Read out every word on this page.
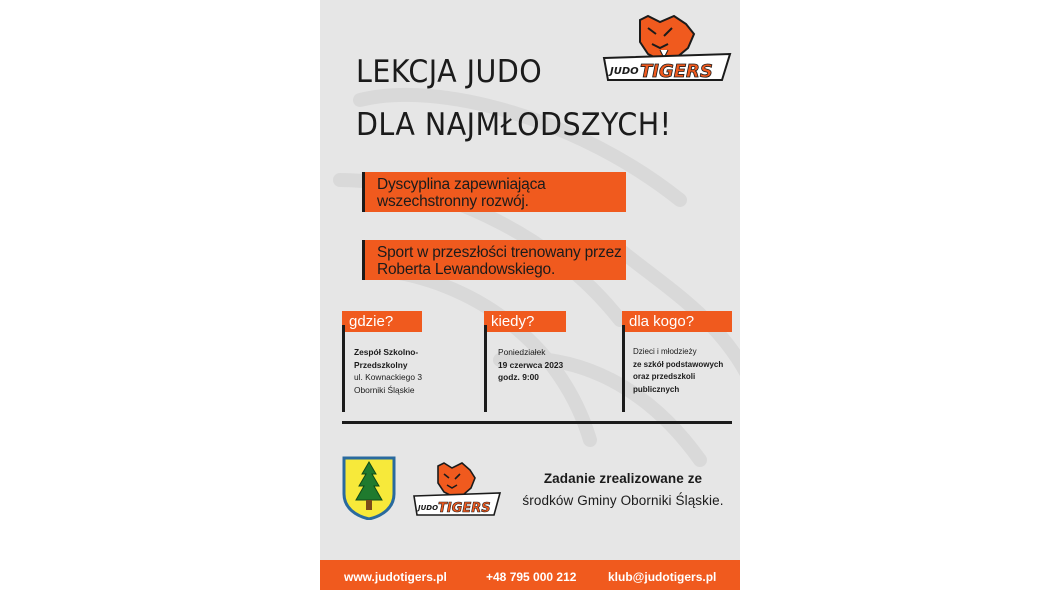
LEKCJA JUDO
DLA NAJMŁODSZYCH!
JUDO TIGERS
Dyscyplina zapewniająca wszechstronny rozwój.
Sport w przeszłości trenowany przez Roberta Lewandowskiego.
gdzie?
Zespół Szkolno-
Przedszkolny
ul. Kownackiego 3
Oborniki Śląskie
kiedy?
Poniedziałek
19 czerwca 2023
godz. 9:00
dla kogo?
Dzieci i młodzieży
ze szkół podstawowych
oraz przedszkoli
publicznych
JUDO TIGERS
Zadanie zrealizowane ze
środków Gminy Oborniki Śląskie.
www.judotigers.pl	+48 795 000 212	klub@judotigers.pl
